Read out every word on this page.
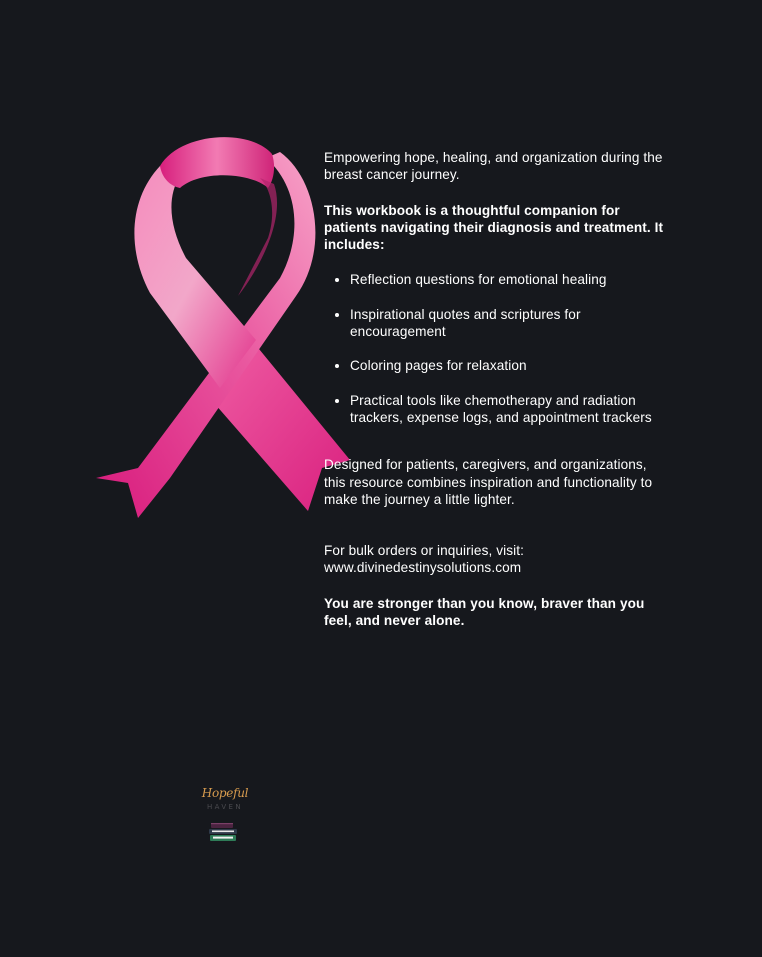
Empowering hope, healing, and organization during the breast cancer journey.

This workbook is a thoughtful companion for patients navigating their diagnosis and treatment. It includes:

• Reflection questions for emotional healing
• Inspirational quotes and scriptures for encouragement
• Coloring pages for relaxation
• Practical tools like chemotherapy and radiation trackers, expense logs, and appointment trackers

Designed for patients, caregivers, and organizations, this resource combines inspiration and functionality to make the journey a little lighter.

For bulk orders or inquiries, visit:
www.divinedestinysolutions.com

You are stronger than you know, braver than you feel, and never alone.

Hopeful
HAVEN
